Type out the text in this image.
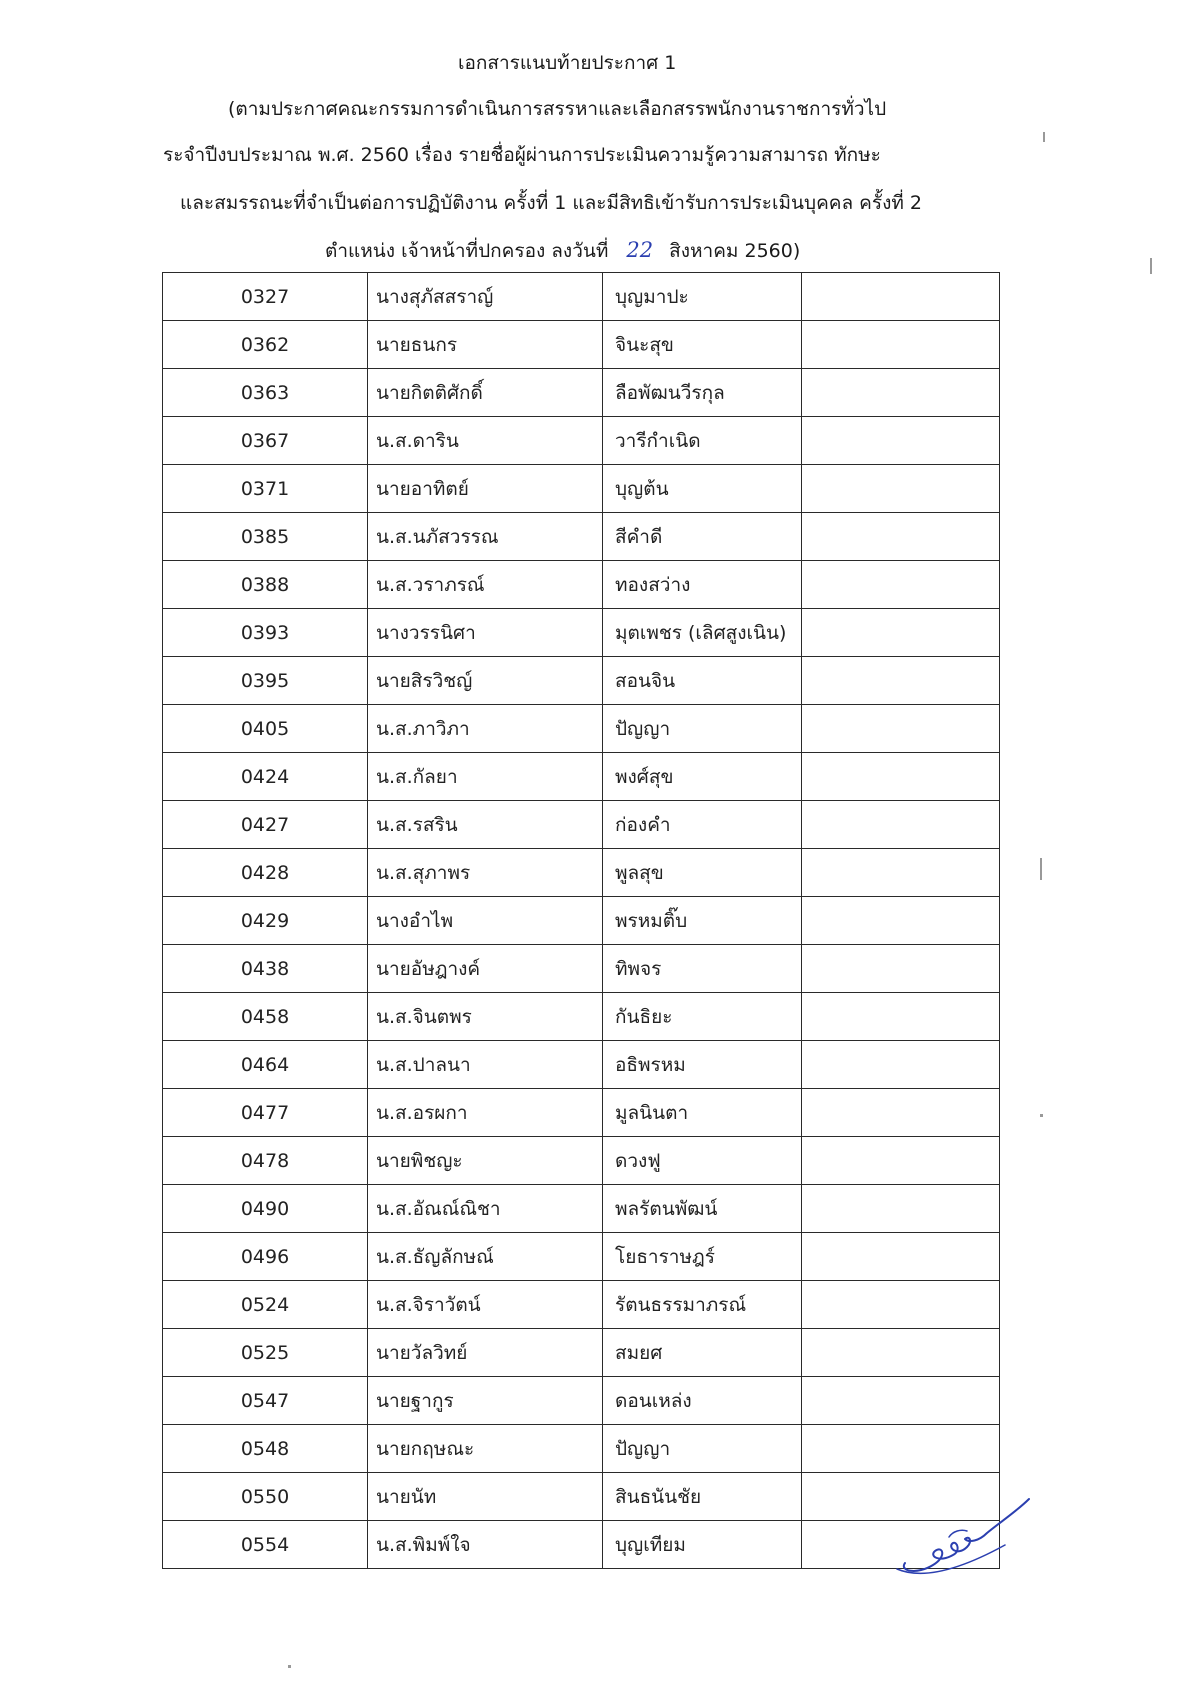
เอกสารแนบท้ายประกาศ 1
(ตามประกาศคณะกรรมการดำเนินการสรรหาและเลือกสรรพนักงานราชการทั่วไป
ระจำปีงบประมาณ พ.ศ. 2560 เรื่อง รายชื่อผู้ผ่านการประเมินความรู้ความสามารถ ทักษะ
และสมรรถนะที่จำเป็นต่อการปฏิบัติงาน ครั้งที่ 1 และมีสิทธิเข้ารับการประเมินบุคคล ครั้งที่ 2
ตำแหน่ง เจ้าหน้าที่ปกครอง ลงวันที่ 22 สิงหาคม 2560)
0327	นางสุภัสสราญ์	บุญมาปะ	
0362	นายธนกร	จินะสุข	
0363	นายกิตติศักดิ์	ลือพัฒนวีรกุล	
0367	น.ส.ดาริน	วารีกำเนิด	
0371	นายอาทิตย์	บุญต้น	
0385	น.ส.นภัสวรรณ	สีคำดี	
0388	น.ส.วราภรณ์	ทองสว่าง	
0393	นางวรรนิศา	มุตเพชร (เลิศสูงเนิน)	
0395	นายสิรวิชญ์	สอนจิน	
0405	น.ส.ภาวิภา	ปัญญา	
0424	น.ส.กัลยา	พงศ์สุข	
0427	น.ส.รสริน	ก่องคำ	
0428	น.ส.สุภาพร	พูลสุข	
0429	นางอำไพ	พรหมติ๊บ	
0438	นายอัษฎางค์	ทิพจร	
0458	น.ส.จินตพร	กันธิยะ	
0464	น.ส.ปาลนา	อธิพรหม	
0477	น.ส.อรผกา	มูลนินตา	
0478	นายพิชญะ	ดวงฟู	
0490	น.ส.อัณณ์ณิชา	พลรัตนพัฒน์	
0496	น.ส.ธัญลักษณ์	โยธาราษฎร์	
0524	น.ส.จิราวัตน์	รัตนธรรมาภรณ์	
0525	นายวัลวิทย์	สมยศ	
0547	นายฐากูร	ดอนเหล่ง	
0548	นายกฤษณะ	ปัญญา	
0550	นายนัท	สินธนันชัย	
0554	น.ส.พิมพ์ใจ	บุญเทียม	
